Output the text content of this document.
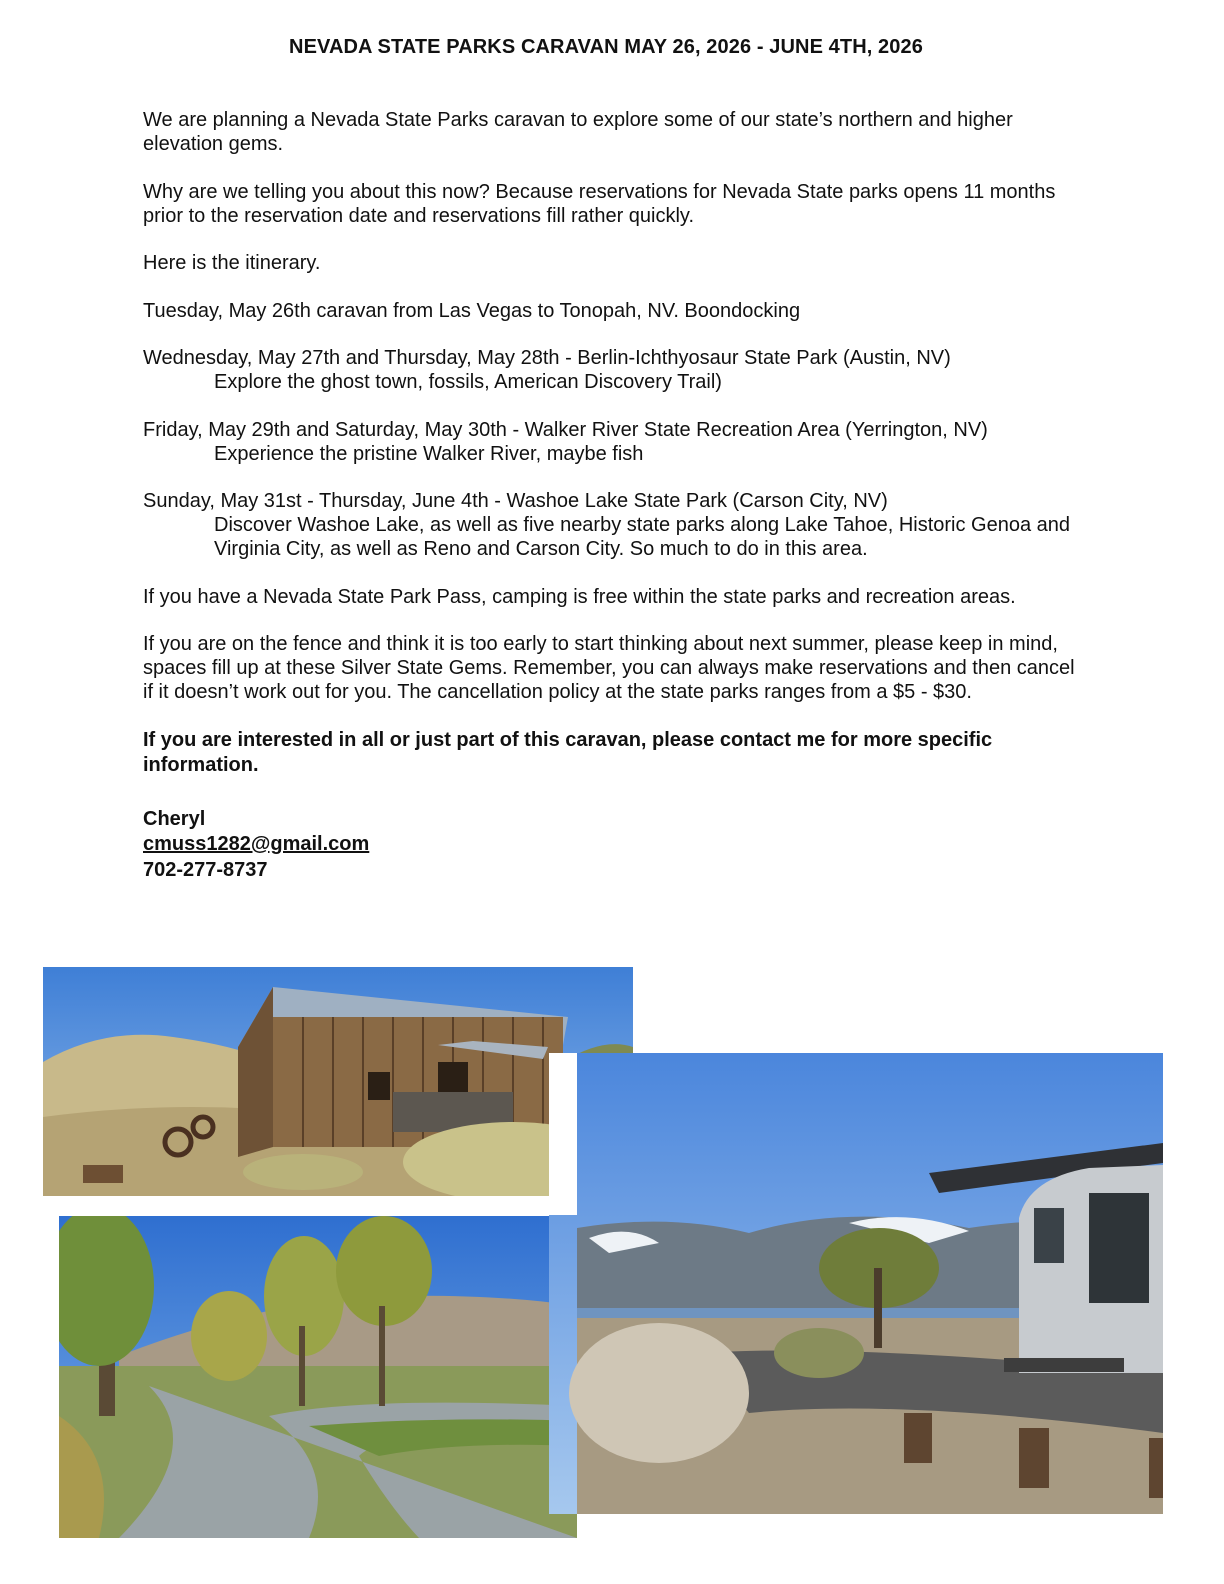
NEVADA STATE PARKS CARAVAN MAY 26, 2026 - JUNE 4TH, 2026

We are planning a Nevada State Parks caravan to explore some of our state’s northern and higher elevation gems.

Why are we telling you about this now? Because reservations for Nevada State parks opens 11 months prior to the reservation date and reservations fill rather quickly.

Here is the itinerary.

Tuesday, May 26th caravan from Las Vegas to Tonopah, NV. Boondocking

Wednesday, May 27th and Thursday, May 28th - Berlin-Ichthyosaur State Park (Austin, NV)
Explore the ghost town, fossils, American Discovery Trail)

Friday, May 29th and Saturday, May 30th - Walker River State Recreation Area (Yerrington, NV)
Experience the pristine Walker River, maybe fish

Sunday, May 31st - Thursday, June 4th - Washoe Lake State Park (Carson City, NV)
Discover Washoe Lake, as well as five nearby state parks along Lake Tahoe, Historic Genoa and Virginia City, as well as Reno and Carson City. So much to do in this area.

If you have a Nevada State Park Pass, camping is free within the state parks and recreation areas.

If you are on the fence and think it is too early to start thinking about next summer, please keep in mind, spaces fill up at these Silver State Gems. Remember, you can always make reservations and then cancel if it doesn’t work out for you. The cancellation policy at the state parks ranges from a $5 - $30.

If you are interested in all or just part of this caravan, please contact me for more specific information.

Cheryl
cmuss1282@gmail.com
702-277-8737
